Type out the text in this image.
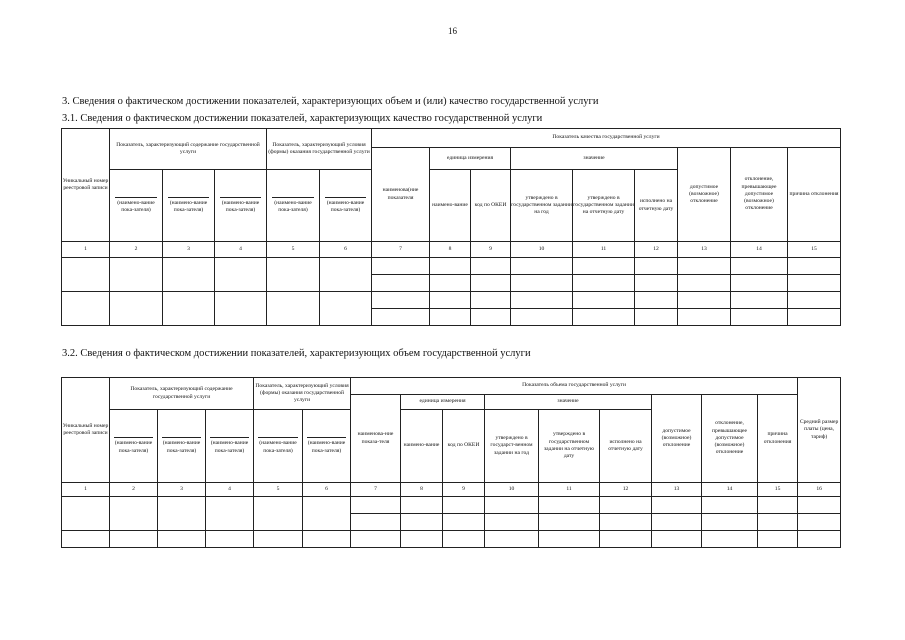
16
3. Сведения о фактическом достижении показателей, характеризующих объем и (или) качество государственной услуги
3.1. Сведения о фактическом достижении показателей, характеризующих качество государственной услуги
Уникальный номер реестровой записи	Показатель, характеризующий содержание государственной услуги			Показатель, характеризующий условия (формы) оказания государственной услуги		Показатель качества государственной услуги								
						наименова(ние показателя	единица измерения		значение			допустимое (возможное) отклонение	отклонение, превышающее допустимое (возможное) отклонение	причина отклонения

	(наимено-вание пока-зателя)	(наимено-вание пока-зателя)	(наимено-вание пока-зателя)	(наимено-вание пока-зателя)	(наимено-вание пока-зателя)		наимено-вание	код по ОКЕИ	утверждено в государственном задании на год	утверждено в государственном задании на отчетную дату	исполнено на отчетную дату			
1	2	3	4	5	6	7	8	9	10	11	12	13	14	15

3.2. Сведения о фактическом достижении показателей, характеризующих объем государственной услуги
Уникальный номер реестровой записи	Показатель, характеризующий содержание государственной услуги			Показатель, характеризующий условия (формы) оказания государственной услуги		Показатель объема государственной услуги									Средний размер платы (цена, тариф)
						наименова-ние показа-теля	единица измерения		значение			допустимое (возможное) отклонение	отклонение, превышающее допустимое (возможное) отклонение	причина отклонения	

	(наимено-вание пока-зателя)	(наимено-вание пока-зателя)	(наимено-вание пока-зателя)	(наимено-вание пока-зателя)	(наимено-вание пока-зателя)		наимено-вание	код по ОКЕИ	утверждено в государст-венном задании на год	утверждено в государственном задании на отчетную дату	исполнено на отчетную дату				
1	2	3	4	5	6	7	8	9	10	11	12	13	14	15	16
